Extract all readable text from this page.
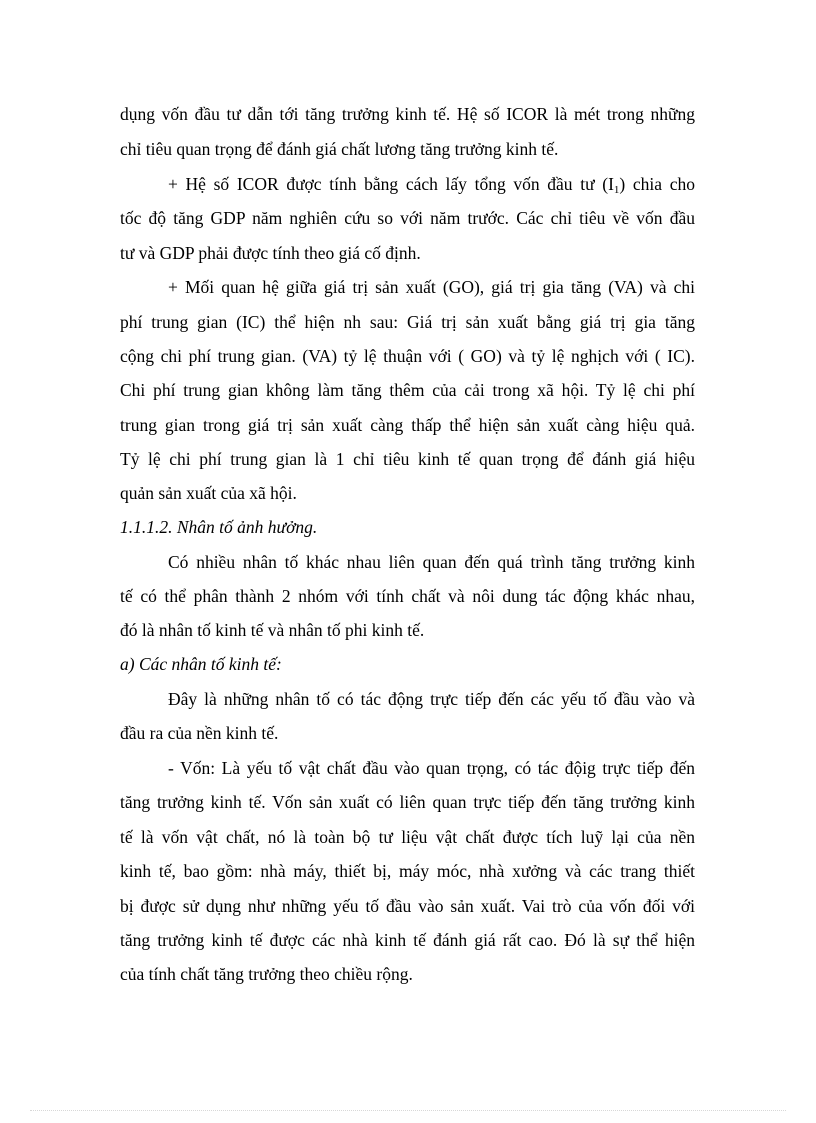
dụng vốn đầu tư dẫn tới tăng trưởng kinh tế. Hệ số ICOR là mét trong những
chỉ tiêu quan trọng để đánh giá chất lương tăng trưởng kinh tế.
+ Hệ số ICOR được tính bằng cách lấy tổng vốn đầu tư $(I_1)$ chia cho
tốc độ tăng GDP năm nghiên cứu so với năm trước. Các chỉ tiêu về vốn đầu
tư và GDP phải được tính theo giá cố định.
+ Mối quan hệ giữa giá trị sản xuất (GO), giá trị gia tăng (VA) và chi
phí trung gian (IC) thể hiện nh sau: Giá trị sản xuất bằng giá trị gia tăng
cộng chi phí trung gian. (VA) tỷ lệ thuận với ( GO) và tỷ lệ nghịch với ( IC).
Chi phí trung gian không làm tăng thêm của cải trong xã hội. Tỷ lệ chi phí
trung gian trong giá trị sản xuất càng thấp thể hiện sản xuất càng hiệu quả.
Tỷ lệ chi phí trung gian là 1 chỉ tiêu kinh tế quan trọng để đánh giá hiệu
quản sản xuất của xã hội.
1.1.1.2. Nhân tố ảnh hưởng.
Có nhiều nhân tố khác nhau liên quan đến quá trình tăng trưởng kinh
tế có thể phân thành 2 nhóm với tính chất và nôi dung tác động khác nhau,
đó là nhân tố kinh tế và nhân tố phi kinh tế.
a) Các nhân tố kinh tế:
Đây là những nhân tố có tác động trực tiếp đến các yếu tố đầu vào và
đầu ra của nền kinh tế.
- Vốn: Là yếu tố vật chất đầu vào quan trọng, có tác độig trực tiếp đến
tăng trưởng kinh tế. Vốn sản xuất có liên quan trực tiếp đến tăng trưởng kinh
tế là vốn vật chất, nó là toàn bộ tư liệu vật chất được tích luỹ lại của nền
kinh tế, bao gồm: nhà máy, thiết bị, máy móc, nhà xưởng và các trang thiết
bị được sử dụng như những yếu tố đầu vào sản xuất. Vai trò của vốn đối với
tăng trưởng kinh tế được các nhà kinh tế đánh giá rất cao. Đó là sự thể hiện
của tính chất tăng trưởng theo chiều rộng.
